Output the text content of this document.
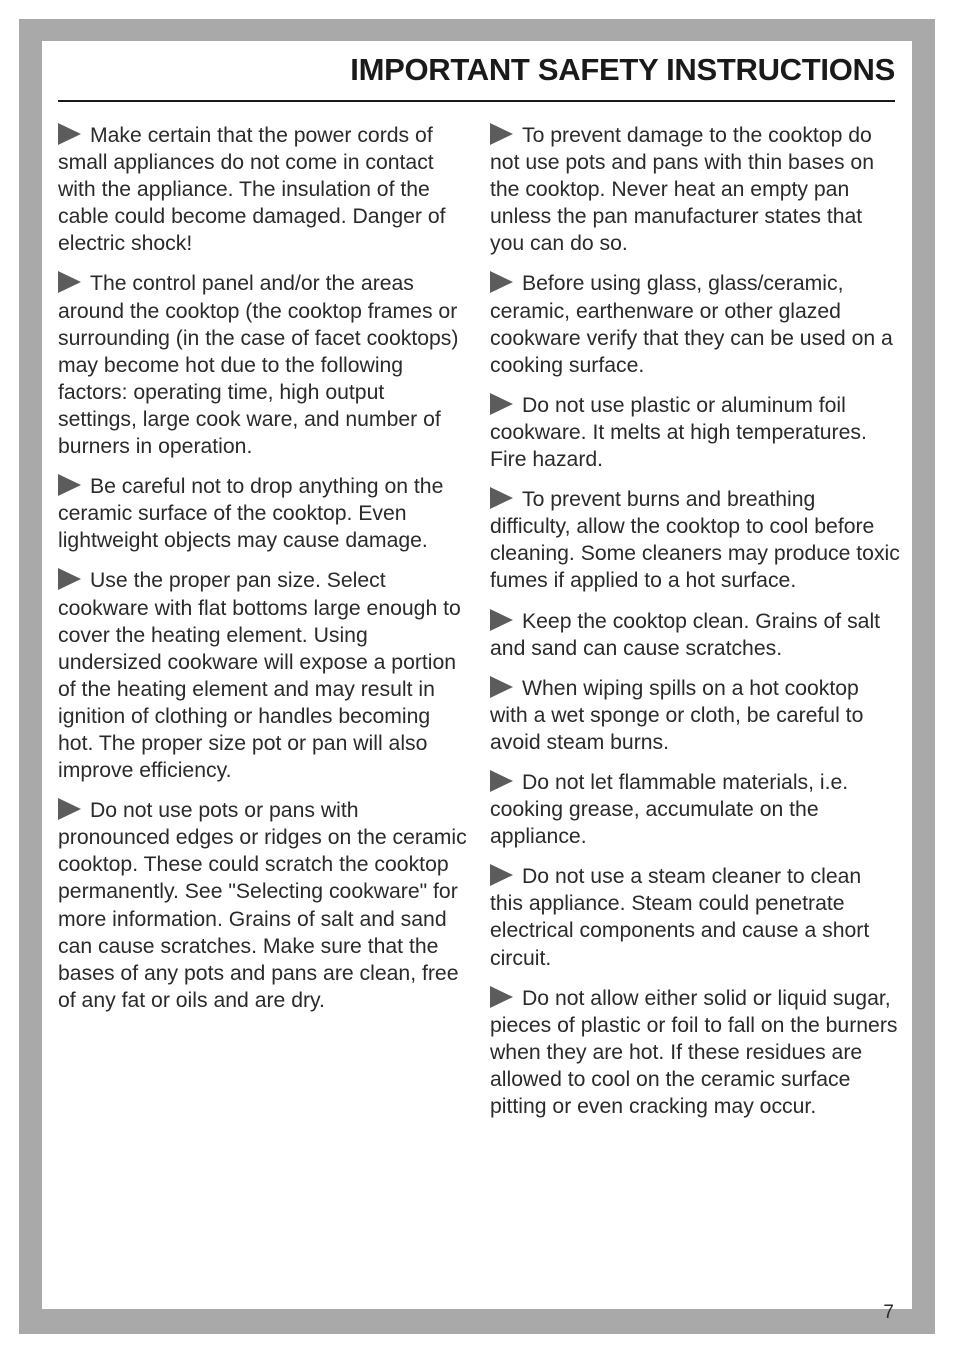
IMPORTANT SAFETY INSTRUCTIONS

Make certain that the power cords of small appliances do not come in contact with the appliance. The insulation of the cable could become damaged. Danger of electric shock!

The control panel and/or the areas around the cooktop (the cooktop frames or surrounding (in the case of facet cooktops) may become hot due to the following factors: operating time, high output settings, large cook ware, and number of burners in operation.

Be careful not to drop anything on the ceramic surface of the cooktop. Even lightweight objects may cause damage.

Use the proper pan size. Select cookware with flat bottoms large enough to cover the heating element. Using undersized cookware will expose a portion of the heating element and may result in ignition of clothing or handles becoming hot. The proper size pot or pan will also improve efficiency.

Do not use pots or pans with pronounced edges or ridges on the ceramic cooktop. These could scratch the cooktop permanently. See "Selecting cookware" for more information. Grains of salt and sand can cause scratches. Make sure that the bases of any pots and pans are clean, free of any fat or oils and are dry.

To prevent damage to the cooktop do not use pots and pans with thin bases on the cooktop. Never heat an empty pan unless the pan manufacturer states that you can do so.

Before using glass, glass/ceramic, ceramic, earthenware or other glazed cookware verify that they can be used on a cooking surface.

Do not use plastic or aluminum foil cookware. It melts at high temperatures. Fire hazard.

To prevent burns and breathing difficulty, allow the cooktop to cool before cleaning. Some cleaners may produce toxic fumes if applied to a hot surface.

Keep the cooktop clean. Grains of salt and sand can cause scratches.

When wiping spills on a hot cooktop with a wet sponge or cloth, be careful to avoid steam burns.

Do not let flammable materials, i.e. cooking grease, accumulate on the appliance.

Do not use a steam cleaner to clean this appliance. Steam could penetrate electrical components and cause a short circuit.

Do not allow either solid or liquid sugar, pieces of plastic or foil to fall on the burners when they are hot. If these residues are allowed to cool on the ceramic surface pitting or even cracking may occur.

7
